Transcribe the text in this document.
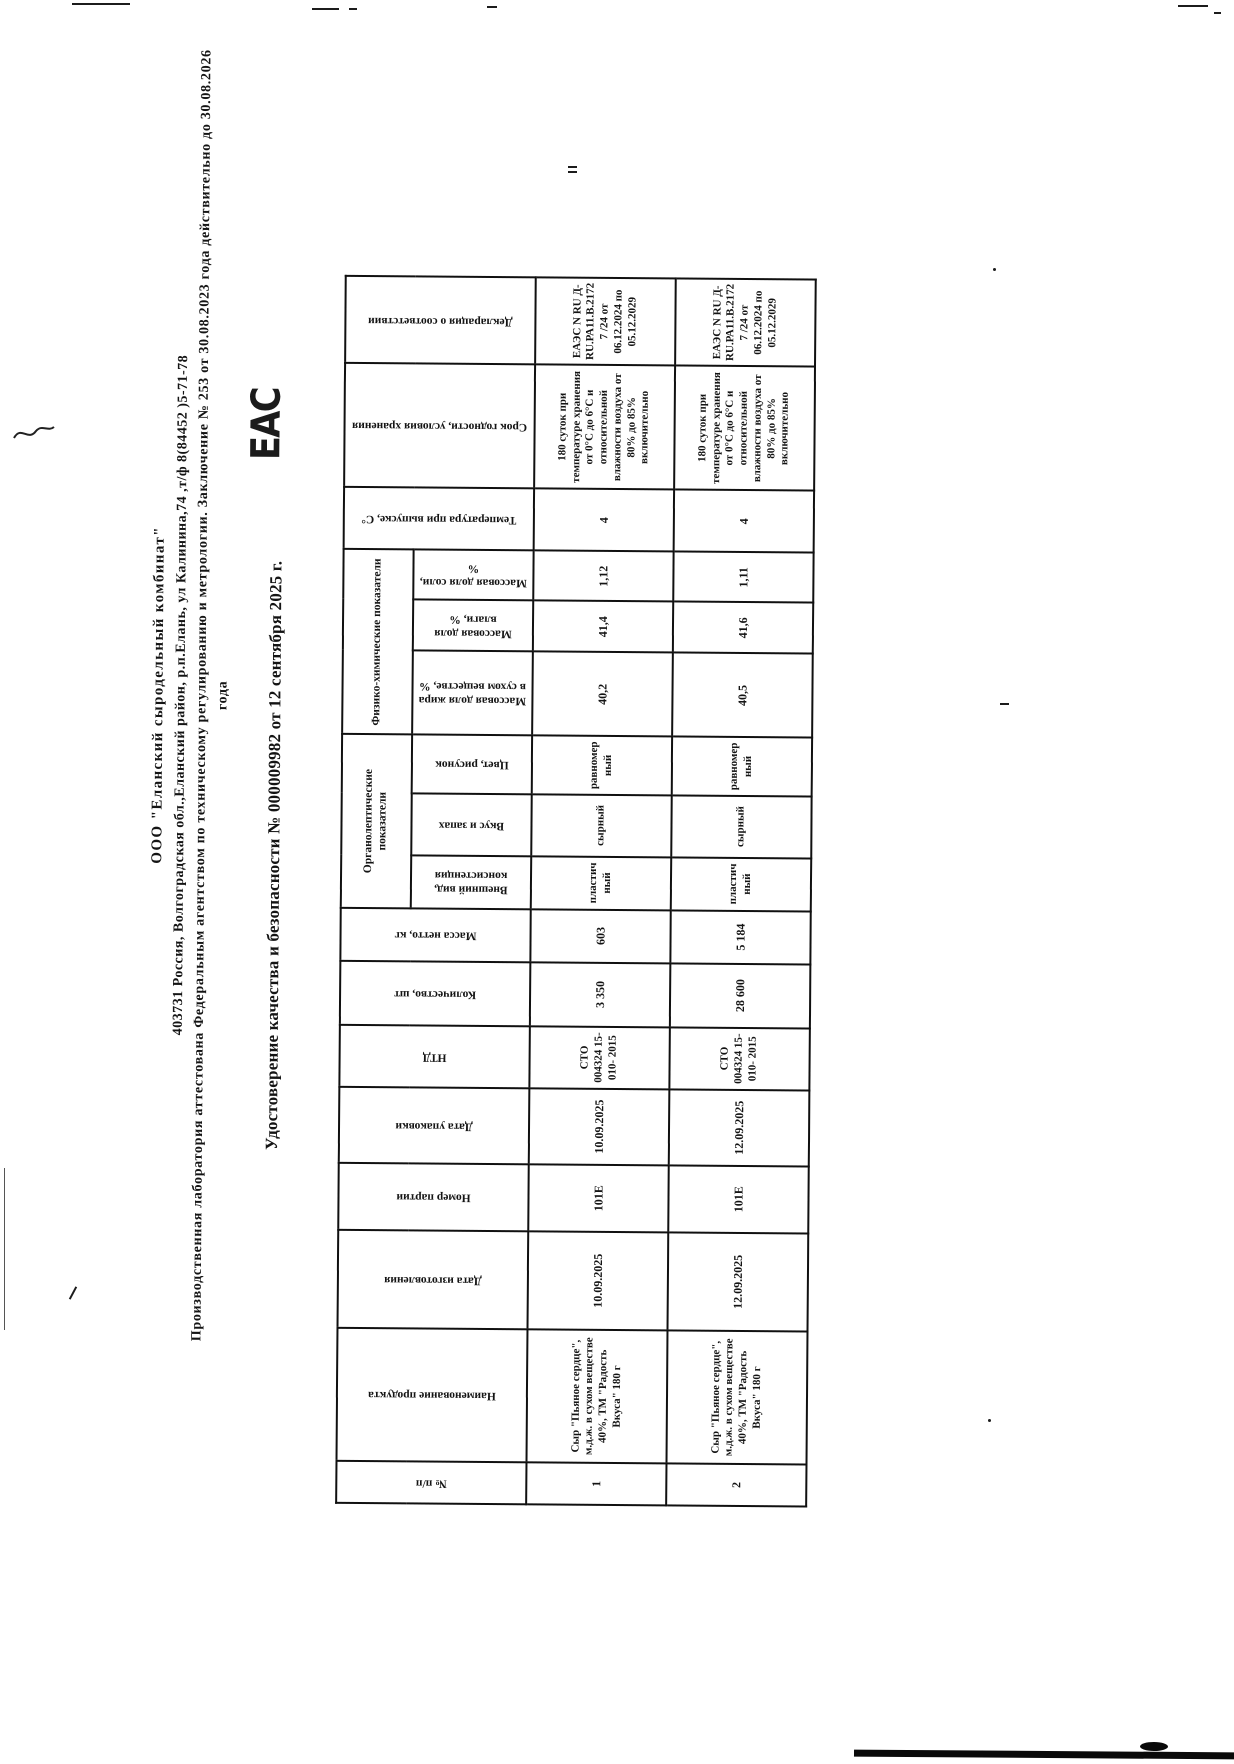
ООО "Еланский сыродельный комбинат" 403731 Россия, Волгоградская обл.,Еланский район, р.п.Елань, ул Калинина,74 ,т/ф 8(84452 )5-71-78
Производственная лаборатория аттестована Федеральным агентством по техническому регулированию и метрологии. Заключение № 253 от 30.08.2023 года действительно до 30.08.2026 года
ЕАС
Удостоверение качества и безопасности № 000009982 от 12 сентября 2025 г.
№ п/п	Наименование продукта	Дата изготовления	Номер партии	Дата упаковки	НТД	Количество, шт	Масса нетто, кг	Органолептические показатели			Физико-химические показатели			Температура при выпуске, С°	Срок годности, условия хранения	Декларация о соответствии

								Внешний вид, консистенция	Вкус и запах	Цвет, рисунок	Массовая доля жира в сухом веществе, %	Массовая доля влаги, %	Массовая доля соли, %			

1	Сыр "Пьяное сердце", м.д.ж. в сухом веществе 40%, ТМ "Радость Вкуса" 180 г	10.09.2025	101Е	10.09.2025	СТО 004324 15-010- 2015	3 350	603	пластичный	сырный	равномерный	40,2	41,4	1,12	4	180 суток при температуре хранения от 0°С до 6°С и относительной влажности воздуха от 80% до 85% включительно	ЕАЭС N RU Д- RU.РА11.В.21727 /24 от 06.12.2024 по 05.12.2029
2	Сыр "Пьяное сердце", м.д.ж. в сухом веществе 40%, ТМ "Радость Вкуса" 180 г	12.09.2025	101Е	12.09.2025	СТО 004324 15-010- 2015	28 600	5 184	пластичный	сырный	равномерный	40,5	41,6	1,11	4	180 суток при температуре хранения от 0°С до 6°С и относительной влажности воздуха от 80% до 85% включительно	ЕАЭС N RU Д- RU.РА11.В.21727 /24 от 06.12.2024 по 05.12.2029
